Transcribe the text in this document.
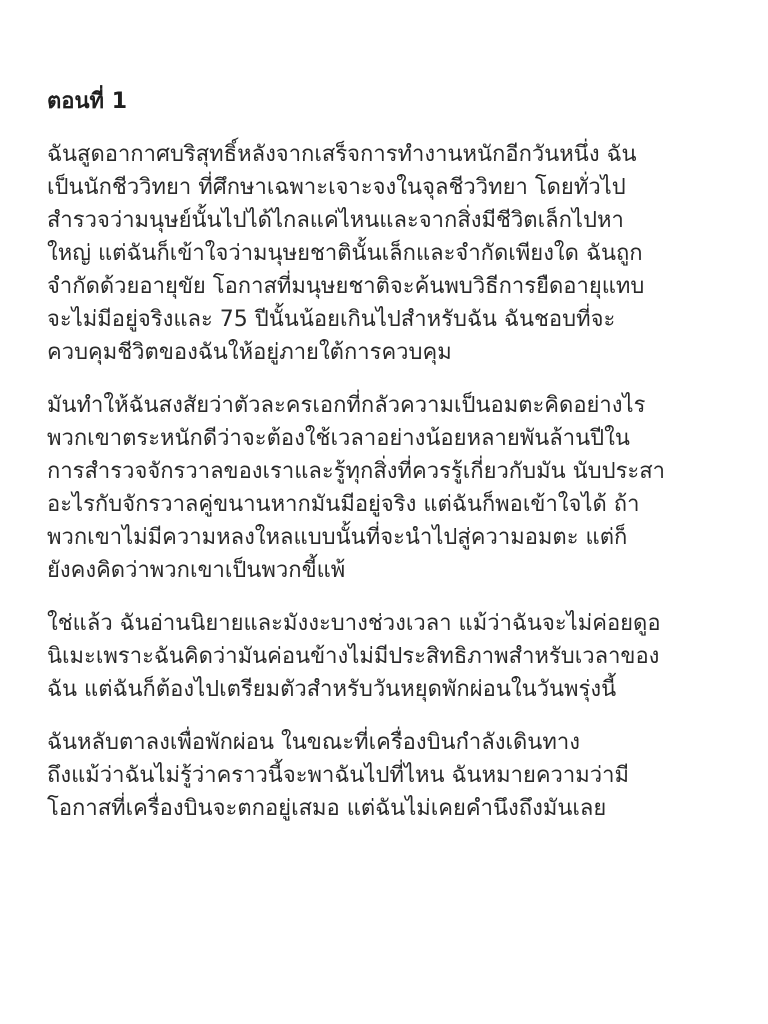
ตอนที่ 1
ฉันสูดอากาศบริสุทธิ์หลังจากเสร็จการทำงานหนักอีกวันหนึ่ง ฉัน
เป็นนักชีววิทยา ที่ศึกษาเฉพาะเจาะจงในจุลชีววิทยา โดยทั่วไป
สำรวจว่ามนุษย์นั้นไปได้ไกลแค่ไหนและจากสิ่งมีชีวิตเล็กไปหา
ใหญ่ แต่ฉันก็เข้าใจว่ามนุษยชาตินั้นเล็กและจำกัดเพียงใด ฉันถูก
จำกัดด้วยอายุขัย โอกาสที่มนุษยชาติจะค้นพบวิธีการยืดอายุแทบ
จะไม่มีอยู่จริงและ 75 ปีนั้นน้อยเกินไปสำหรับฉัน ฉันชอบที่จะ
ควบคุมชีวิตของฉันให้อยู่ภายใต้การควบคุม
มันทำให้ฉันสงสัยว่าตัวละครเอกที่กลัวความเป็นอมตะคิดอย่างไร
พวกเขาตระหนักดีว่าจะต้องใช้เวลาอย่างน้อยหลายพันล้านปีใน
การสำรวจจักรวาลของเราและรู้ทุกสิ่งที่ควรรู้เกี่ยวกับมัน นับประสา
อะไรกับจักรวาลคู่ขนานหากมันมีอยู่จริง แต่ฉันก็พอเข้าใจได้ ถ้า
พวกเขาไม่มีความหลงใหลแบบนั้นที่จะนำไปสู่ความอมตะ แต่ก็
ยังคงคิดว่าพวกเขาเป็นพวกขี้แพ้
ใช่แล้ว ฉันอ่านนิยายและมังงะบางช่วงเวลา แม้ว่าฉันจะไม่ค่อยดูอ
นิเมะเพราะฉันคิดว่ามันค่อนข้างไม่มีประสิทธิภาพสำหรับเวลาของ
ฉัน แต่ฉันก็ต้องไปเตรียมตัวสำหรับวันหยุดพักผ่อนในวันพรุ่งนี้
ฉันหลับตาลงเพื่อพักผ่อน ในขณะที่เครื่องบินกำลังเดินทาง
ถึงแม้ว่าฉันไม่รู้ว่าคราวนี้จะพาฉันไปที่ไหน ฉันหมายความว่ามี
โอกาสที่เครื่องบินจะตกอยู่เสมอ แต่ฉันไม่เคยคำนึงถึงมันเลย
